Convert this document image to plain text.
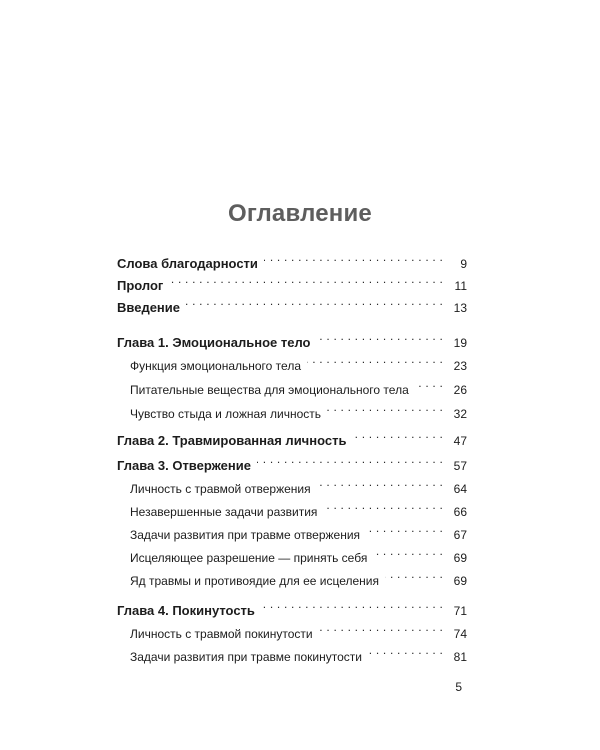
Оглавление
Слова благодарности . . .	9
Пролог . . .	11
Введение . . .	13
Глава 1. Эмоциональное тело . . .	19
Функция эмоционального тела . . .	23
Питательные вещества для эмоционального тела . . .	26
Чувство стыда и ложная личность . . .	32
Глава 2. Травмированная личность . . .	47
Глава 3. Отвержение . . .	57
Личность с травмой отвержения . . .	64
Незавершенные задачи развития . . .	66
Задачи развития при травме отвержения . . .	67
Исцеляющее разрешение — принять себя . . .	69
Яд травмы и противоядие для ее исцеления . . .	69
Глава 4. Покинутость . . .	71
Личность с травмой покинутости . . .	74
Задачи развития при травме покинутости . . .	81
5
